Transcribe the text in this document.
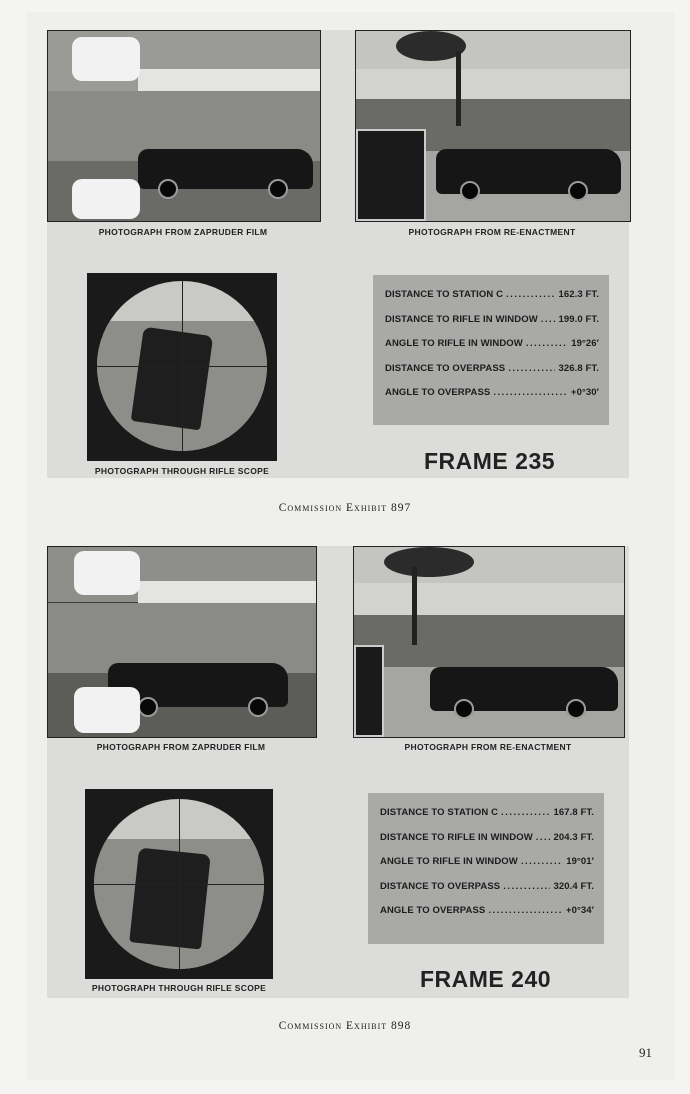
PHOTOGRAPH FROM ZAPRUDER FILM	PHOTOGRAPH FROM RE-ENACTMENT
PHOTOGRAPH THROUGH RIFLE SCOPE
DISTANCE TO STATION C .....	162.3 FT.
DISTANCE TO RIFLE IN WINDOW ..... 199.0 FT.
ANGLE TO RIFLE IN WINDOW .....	19°26′
DISTANCE TO OVERPASS .....	326.8 FT.
ANGLE TO OVERPASS .....	+0°30′
FRAME 235
Commission Exhibit 897
PHOTOGRAPH FROM ZAPRUDER FILM	PHOTOGRAPH FROM RE-ENACTMENT
PHOTOGRAPH THROUGH RIFLE SCOPE
DISTANCE TO STATION C .....	167.8 FT.
DISTANCE TO RIFLE IN WINDOW ..... 204.3 FT.
ANGLE TO RIFLE IN WINDOW .....	19°01′
DISTANCE TO OVERPASS .....	320.4 FT.
ANGLE TO OVERPASS .....	+0°34′
FRAME 240
Commission Exhibit 898
91
